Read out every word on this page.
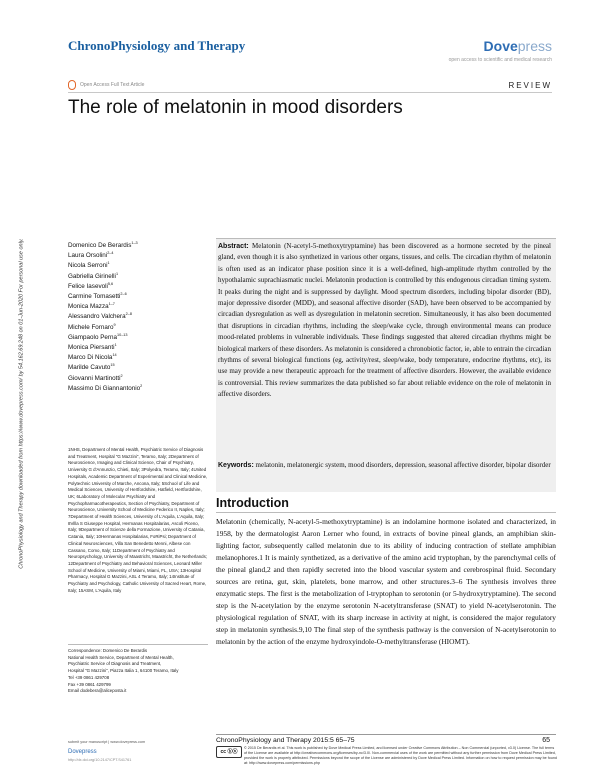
ChronoPhysiology and Therapy downloaded from https://www.dovepress.com/ by 54.162.69.248 on 01-Jun-2020 For personal use only.
ChronoPhysiology and Therapy	Dovepress
open access to scientific and medical research
Open Access Full Text Article	REVIEW
The role of melatonin in mood disorders
Domenico De Berardis$^{1-3}$
Laura Orsolini$^{2-4}$
Nicola Serroni$^1$
Gabriella Girinelli$^1$
Felice Iasevoli$^{5,6}$
Carmine Tomasetti$^{2-6}$
Monica Mazza$^{1-7}$
Alessandro Valchera$^{2-8}$
Michele Fornaro$^9$
Giampaolo Perna$^{10-13}$
Monica Piersanti$^1$
Marco Di Nicola$^{14}$
Marilde Cavuto$^{15}$
Giovanni Martinotti$^2$
Massimo Di Giannantonio$^2$
1NHS, Department of Mental Health, Psychiatric Service of Diagnosis and Treatment, Hospital "G Mazzini", Teramo, Italy; 2Department of Neuroscience, Imaging and Clinical Science, Chair of Psychiatry, University G d'Annunzio, Chieti, Italy; 3Polyedra, Teramo, Italy; 4United Hospitals, Academic Department of Experimental and Clinical Medicine, Polytechnic University of Marche, Ancona, Italy; 5School of Life and Medical Sciences, University of Hertfordshire, Hatfield, Hertfordshire, UK; 6Laboratory of Molecular Psychiatry and Psychopharmacotherapeutics, Section of Psychiatry, Department of Neuroscience, University School of Medicine Federico II, Naples, Italy; 7Department of Health Sciences, University of L'Aquila, L'Aquila, Italy; 8Villa S Giuseppe Hospital, Hermanas Hospitalarias, Ascoli Piceno, Italy; 9Department of Scienze della Formazione, University of Catania, Catania, Italy; 10Hermanas Hospitalarias, FoRiPsi; Department of Clinical Neurosciences, Villa San Benedetto Menni, Albese con Cassano, Como, Italy; 11Department of Psychiatry and Neuropsychology, University of Maastricht, Maastricht, the Netherlands; 12Department of Psychiatry and Behavioral Sciences, Leonard Miller School of Medicine, University of Miami, Miami, FL, USA; 13Hospital Pharmacy, Hospital G Mazzini, ASL 4 Teramo, Italy; 14Institute of Psychiatry and Psychology, Catholic University of Sacred Heart, Rome, Italy; 15ASM, L'Aquila, Italy
Correspondence: Domenico De Berardis
National Health Service, Department of Mental Health,
Psychiatric Service of Diagnosis and Treatment,
Hospital "G Mazzini", Piazza Italia 1, 64100 Teramo, Italy
Tel +39 0861 429708
Fax +39 0861 429799
Email dodebera@aliceposta.it
Abstract: Melatonin (N-acetyl-5-methoxytryptamine) has been discovered as a hormone secreted by the pineal gland, even though it is also synthetized in various other organs, tissues, and cells. The circadian rhythm of melatonin is often used as an indicator phase position since it is a well-defined, high-amplitude rhythm controlled by the hypothalamic suprachiasmatic nuclei. Melatonin production is controlled by this endogenous circadian timing system. It peaks during the night and is suppressed by daylight. Mood spectrum disorders, including bipolar disorder (BD), major depressive disorder (MDD), and seasonal affective disorder (SAD), have been observed to be accompanied by circadian dysregulation as well as dysregulation in melatonin secretion. Simultaneously, it has also been documented that disruptions in circadian rhythms, including the sleep/wake cycle, through environmental means can produce mood-related problems in vulnerable individuals. These findings suggested that altered circadian rhythms might be biological markers of these disorders. As melatonin is considered a chronobiotic factor, ie, able to entrain the circadian rhythms of several biological functions (eg, activity/rest, sleep/wake, body temperature, endocrine rhythms, etc), its use may provide a new therapeutic approach for the treatment of affective disorders. However, the available evidence is controversial. This review summarizes the data published so far about reliable evidence on the role of melatonin in affective disorders.
Keywords: melatonin, melatonergic system, mood disorders, depression, seasonal affective disorder, bipolar disorder
Introduction
Melatonin (chemically, N-acetyl-5-methoxytryptamine) is an indolamine hormone isolated and characterized, in 1958, by the dermatologist Aaron Lerner who found, in extracts of bovine pineal glands, an amphibian skin-lighting factor, subsequently called melatonin due to its ability of inducing contraction of stellate amphibian melanophores.1 It is mainly synthetized, as a derivative of the amino acid tryptophan, by the parenchymal cells of the pineal gland,2 and then rapidly secreted into the blood vascular system and cerebrospinal fluid. Secondary sources are retina, gut, skin, platelets, bone marrow, and other structures.3–6 The synthesis involves three enzymatic steps. The first is the metabolization of l-tryptophan to serotonin (or 5-hydroxytryptamine). The second step is the N-acetylation by the enzyme serotonin N-acetyltransferase (SNAT) to yield N-acetylserotonin. The physiological regulation of SNAT, with its sharp increase in activity at night, is considered the major regulatory step in melatonin synthesis.9,10 The final step of the synthesis pathway is the conversion of N-acetylserotonin to melatonin by the action of the enzyme hydroxyindole-O-methyltransferase (HIOMT).
ChronoPhysiology and Therapy 2015:5 65–75	65
submit your manuscript | www.dovepress.com
Dovepress
http://dx.doi.org/10.2147/CPT.S41761
cc ⓑⓝ
© 2015 De Berardis et al. This work is published by Dove Medical Press Limited, and licensed under Creative Commons Attribution – Non Commercial (unported, v3.0) License. The full terms of the License are available at http://creativecommons.org/licenses/by-nc/3.0/. Non-commercial uses of the work are permitted without any further permission from Dove Medical Press Limited, provided the work is properly attributed. Permissions beyond the scope of the License are administered by Dove Medical Press Limited. Information on how to request permission may be found at: http://www.dovepress.com/permissions.php
